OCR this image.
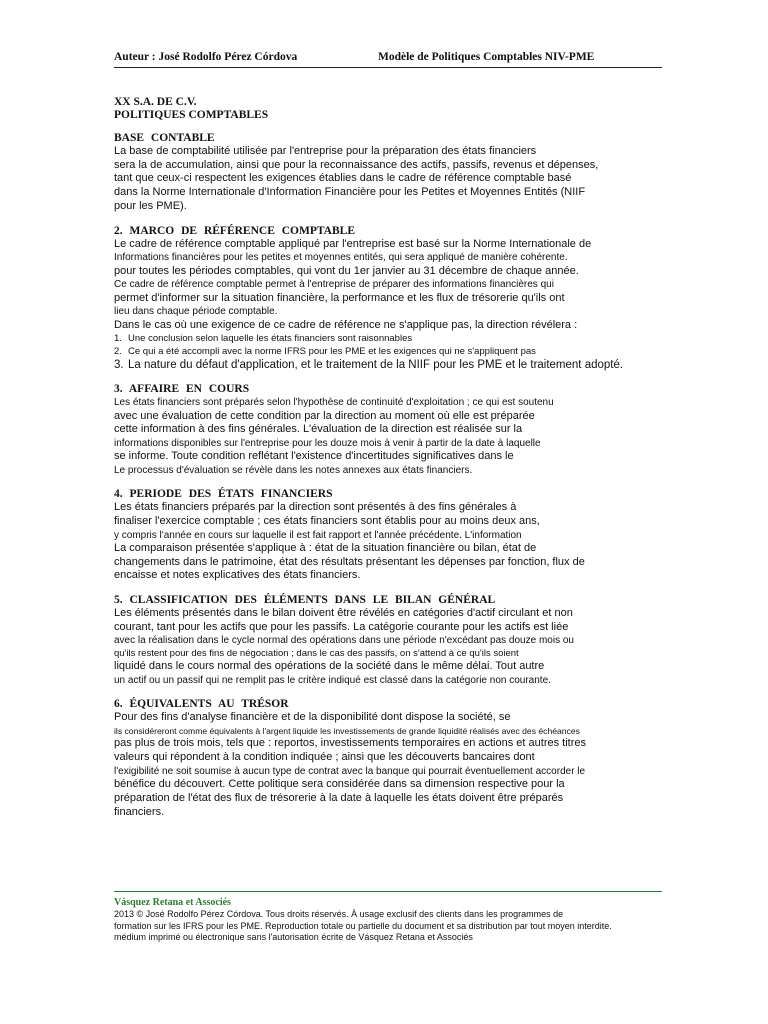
Auteur : José Rodolfo Pérez Córdova	Modèle de Politiques Comptables NIV-PME
XX S.A. DE C.V.
POLITIQUES COMPTABLES
BASE CONTABLE
La base de comptabilité utilisée par l'entreprise pour la préparation des états financiers
sera la de accumulation, ainsi que pour la reconnaissance des actifs, passifs, revenus et dépenses,
tant que ceux-ci respectent les exigences établies dans le cadre de référence comptable basé
dans la Norme Internationale d'Information Financière pour les Petites et Moyennes Entités (NIIF
pour les PME).
2. MARCO DE RÉFÉRENCE COMPTABLE
Le cadre de référence comptable appliqué par l'entreprise est basé sur la Norme Internationale de
Informations financières pour les petites et moyennes entités, qui sera appliqué de manière cohérente.
pour toutes les périodes comptables, qui vont du 1er janvier au 31 décembre de chaque année.
Ce cadre de référence comptable permet à l'entreprise de préparer des informations financières qui
permet d'informer sur la situation financière, la performance et les flux de trésorerie qu'ils ont
lieu dans chaque période comptable.
Dans le cas où une exigence de ce cadre de référence ne s'applique pas, la direction révélera :
1. Une conclusion selon laquelle les états financiers sont raisonnables
2. Ce qui a été accompli avec la norme IFRS pour les PME et les exigences qui ne s'appliquent pas
3. La nature du défaut d'application, et le traitement de la NIIF pour les PME et le traitement adopté.
3. AFFAIRE EN COURS
Les états financiers sont préparés selon l'hypothèse de continuité d'exploitation ; ce qui est soutenu
avec une évaluation de cette condition par la direction au moment où elle est préparée
cette information à des fins générales. L'évaluation de la direction est réalisée sur la
informations disponibles sur l'entreprise pour les douze mois à venir à partir de la date à laquelle
se informe. Toute condition reflétant l'existence d'incertitudes significatives dans le
Le processus d'évaluation se révèle dans les notes annexes aux états financiers.
4. PERIODE DES ÉTATS FINANCIERS
Les états financiers préparés par la direction sont présentés à des fins générales à
finaliser l'exercice comptable ; ces états financiers sont établis pour au moins deux ans,
y compris l'année en cours sur laquelle il est fait rapport et l'année précédente. L'information
La comparaison présentée s'applique à : état de la situation financière ou bilan, état de
changements dans le patrimoine, état des résultats présentant les dépenses par fonction, flux de
encaisse et notes explicatives des états financiers.
5. CLASSIFICATION DES ÉLÉMENTS DANS LE BILAN GÉNÉRAL
Les éléments présentés dans le bilan doivent être révélés en catégories d'actif circulant et non
courant, tant pour les actifs que pour les passifs. La catégorie courante pour les actifs est liée
avec la réalisation dans le cycle normal des opérations dans une période n'excédant pas douze mois ou
qu'ils restent pour des fins de négociation ; dans le cas des passifs, on s'attend à ce qu'ils soient
liquidé dans le cours normal des opérations de la société dans le même délai. Tout autre
un actif ou un passif qui ne remplit pas le critère indiqué est classé dans la catégorie non courante.
6. ÉQUIVALENTS AU TRÉSOR
Pour des fins d'analyse financière et de la disponibilité dont dispose la société, se
ils considéreront comme équivalents à l'argent liquide les investissements de grande liquidité réalisés avec des échéances
pas plus de trois mois, tels que : reportos, investissements temporaires en actions et autres titres
valeurs qui répondent à la condition indiquée ; ainsi que les découverts bancaires dont
l'exigibilité ne soit soumise à aucun type de contrat avec la banque qui pourrait éventuellement accorder le
bénéfice du découvert. Cette politique sera considérée dans sa dimension respective pour la
préparation de l'état des flux de trésorerie à la date à laquelle les états doivent être préparés
financiers.
Vásquez Retana et Associés
2013 © José Rodolfo Pérez Córdova. Tous droits réservés. À usage exclusif des clients dans les programmes de
formation sur les IFRS pour les PME. Reproduction totale ou partielle du document et sa distribution par tout moyen interdite.
médium imprimé ou électronique sans l'autorisation écrite de Vásquez Retana et Associés
